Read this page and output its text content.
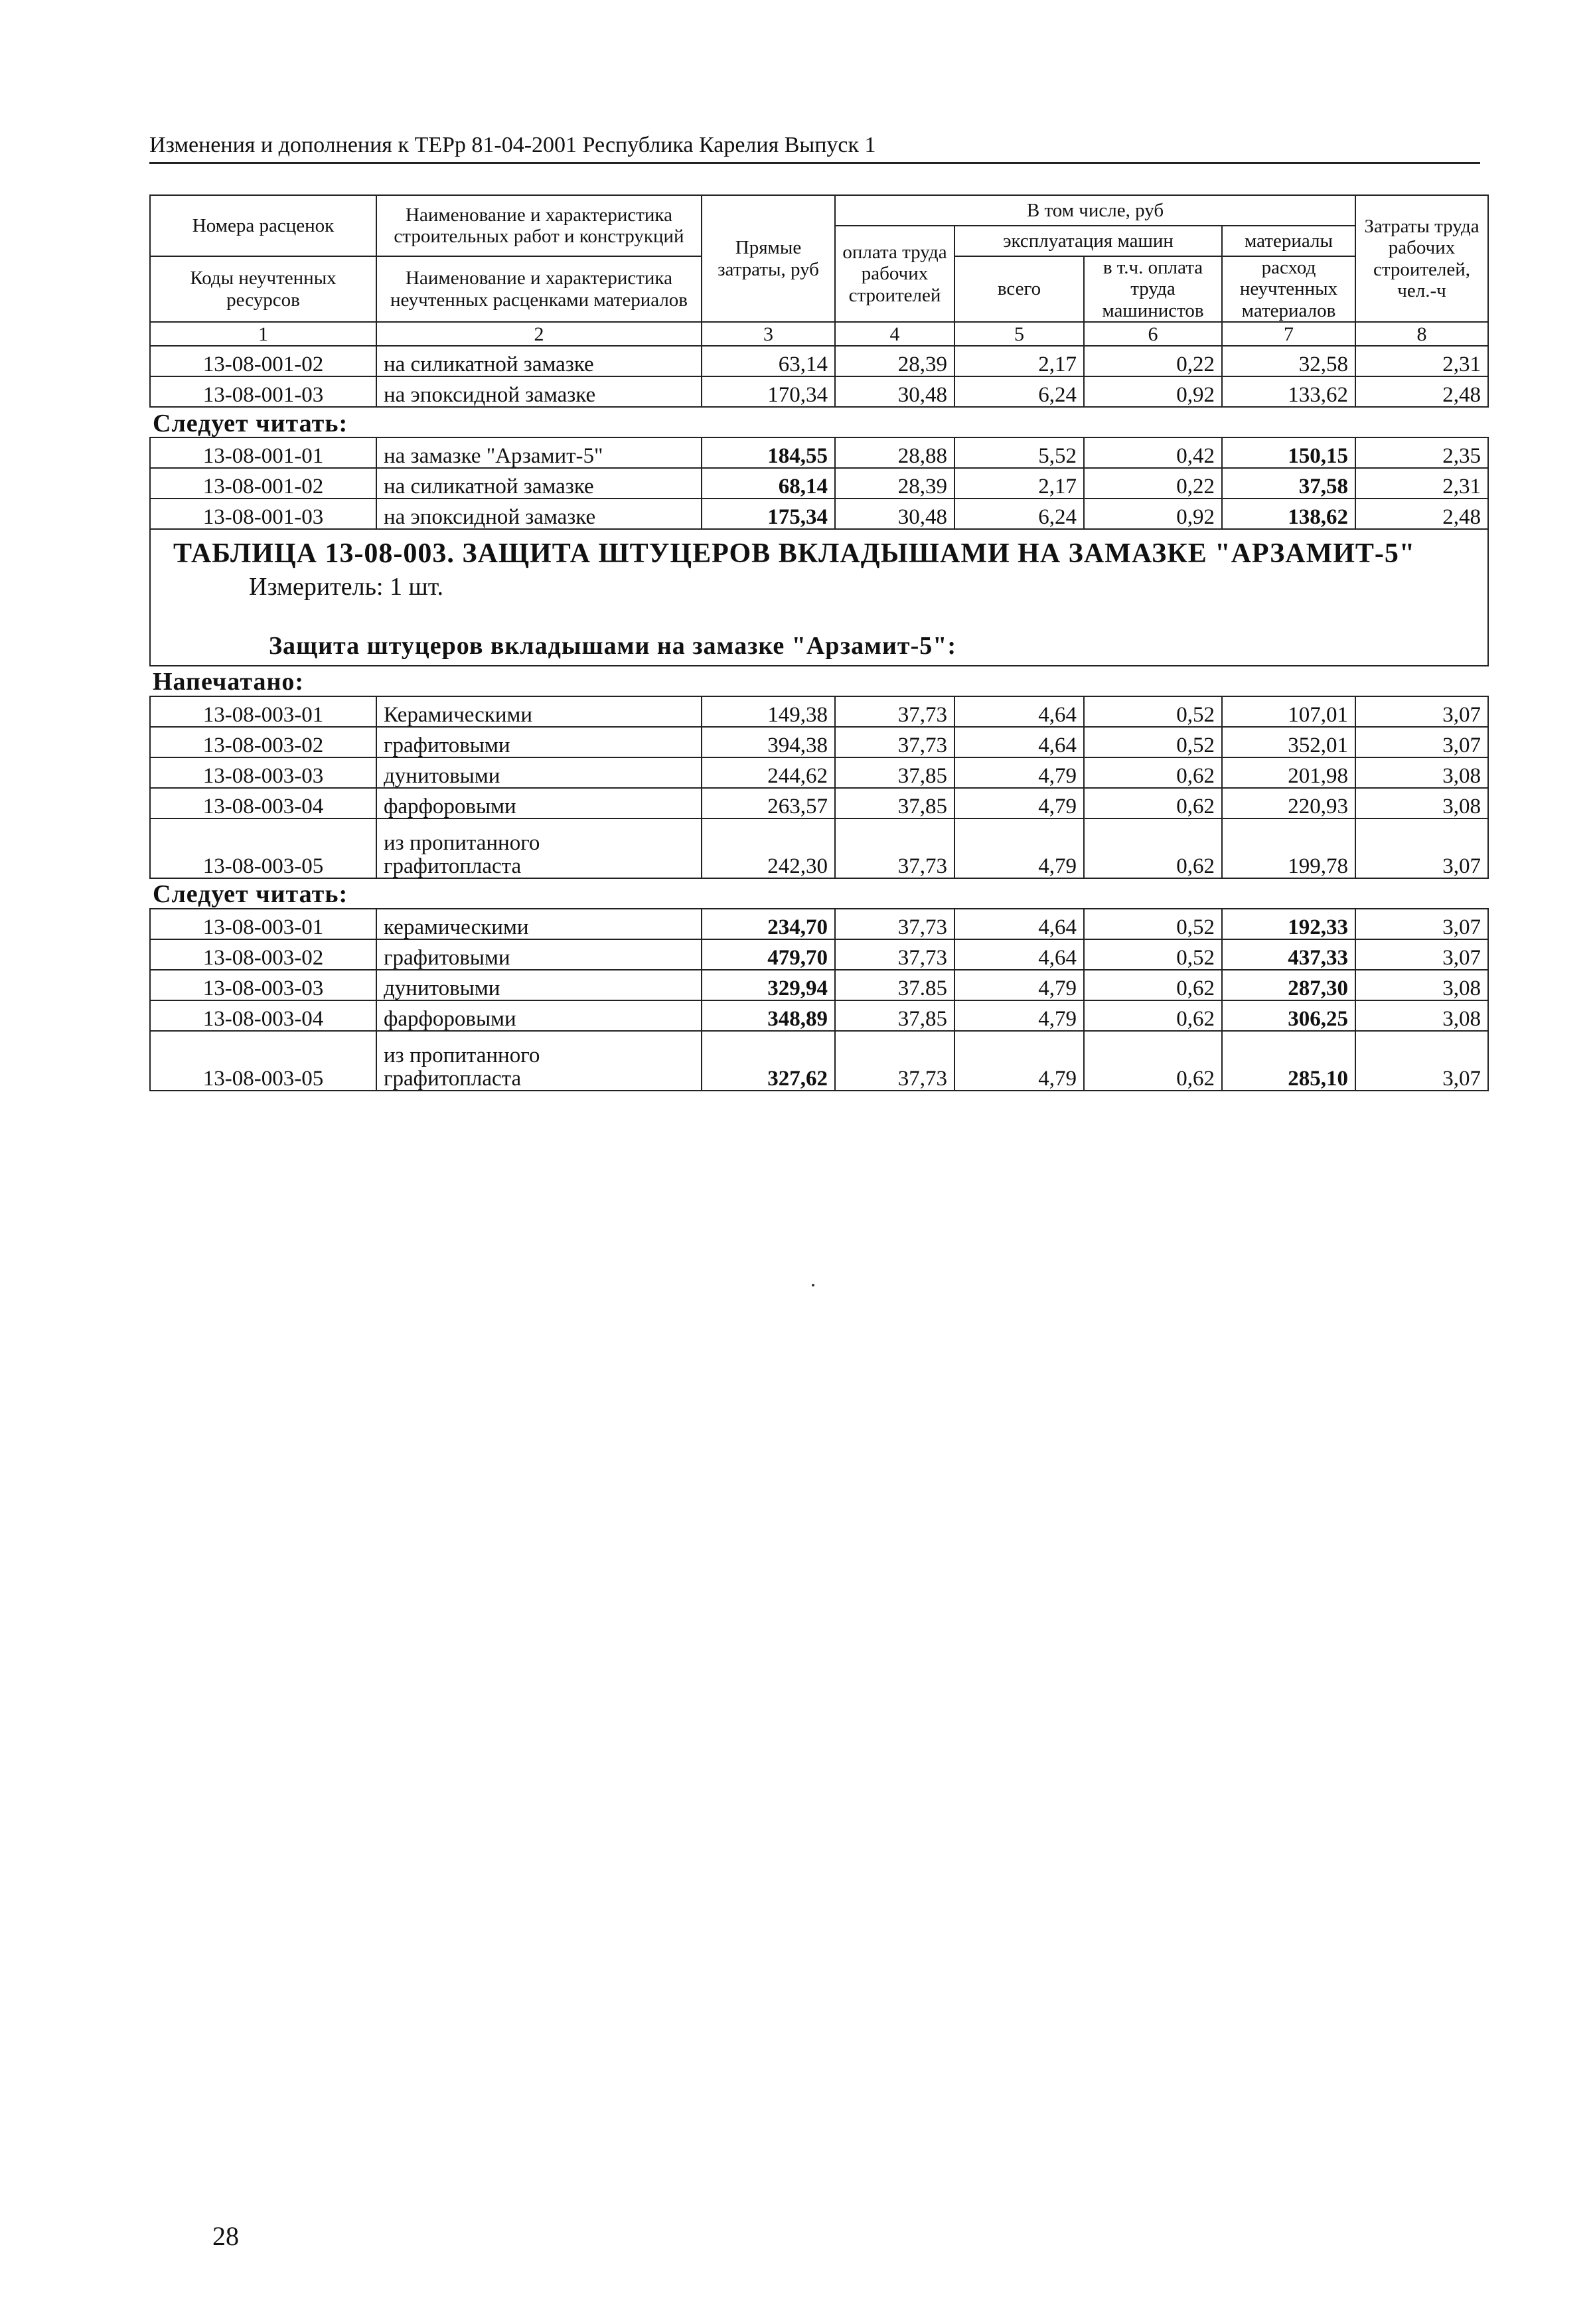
Изменения и дополнения к ТЕРр 81-04-2001 Республика Карелия Выпуск 1
Номера расценок	Наименование и характеристика строительных работ и конструкций	Прямые затраты, руб	В том числе, руб				Затраты труда рабочих строителей, чел.-ч
			оплата труда рабочих строителей	эксплуатация машин		материалы	
Коды неучтенных ресурсов	Наименование и характеристика неучтенных расценками материалов			всего	в т.ч. оплата труда машинистов	расход неучтенных материалов	

1	2	3	4	5	6	7	8
13-08-001-02	на силикатной замазке	63,14	28,39	2,17	0,22	32,58	2,31
13-08-001-03	на эпоксидной замазке	170,34	30,48	6,24	0,92	133,62	2,48
Следует читать:							
13-08-001-01	на замазке "Арзамит-5"	184,55	28,88	5,52	0,42	150,15	2,35
13-08-001-02	на силикатной замазке	68,14	28,39	2,17	0,22	37,58	2,31
13-08-001-03	на эпоксидной замазке	175,34	30,48	6,24	0,92	138,62	2,48

ТАБЛИЦА 13-08-003. ЗАЩИТА ШТУЦЕРОВ ВКЛАДЫШАМИ НА ЗАМАЗКЕ "АРЗАМИТ-5"
Измеритель: 1 шт.
Защита штуцеров вкладышами на замазке "Арзамит-5":							

Напечатано:							
13-08-003-01	Керамическими	149,38	37,73	4,64	0,52	107,01	3,07
13-08-003-02	графитовыми	394,38	37,73	4,64	0,52	352,01	3,07
13-08-003-03	дунитовыми	244,62	37,85	4,79	0,62	201,98	3,08
13-08-003-04	фарфоровыми	263,57	37,85	4,79	0,62	220,93	3,08
13-08-003-05	из пропитанного
графитопласта	242,30	37,73	4,79	0,62	199,78	3,07
Следует читать:							
13-08-003-01	керамическими	234,70	37,73	4,64	0,52	192,33	3,07
13-08-003-02	графитовыми	479,70	37,73	4,64	0,52	437,33	3,07
13-08-003-03	дунитовыми	329,94	37.85	4,79	0,62	287,30	3,08
13-08-003-04	фарфоровыми	348,89	37,85	4,79	0,62	306,25	3,08
13-08-003-05	из пропитанного
графитопласта	327,62	37,73	4,79	0,62	285,10	3,07
28
